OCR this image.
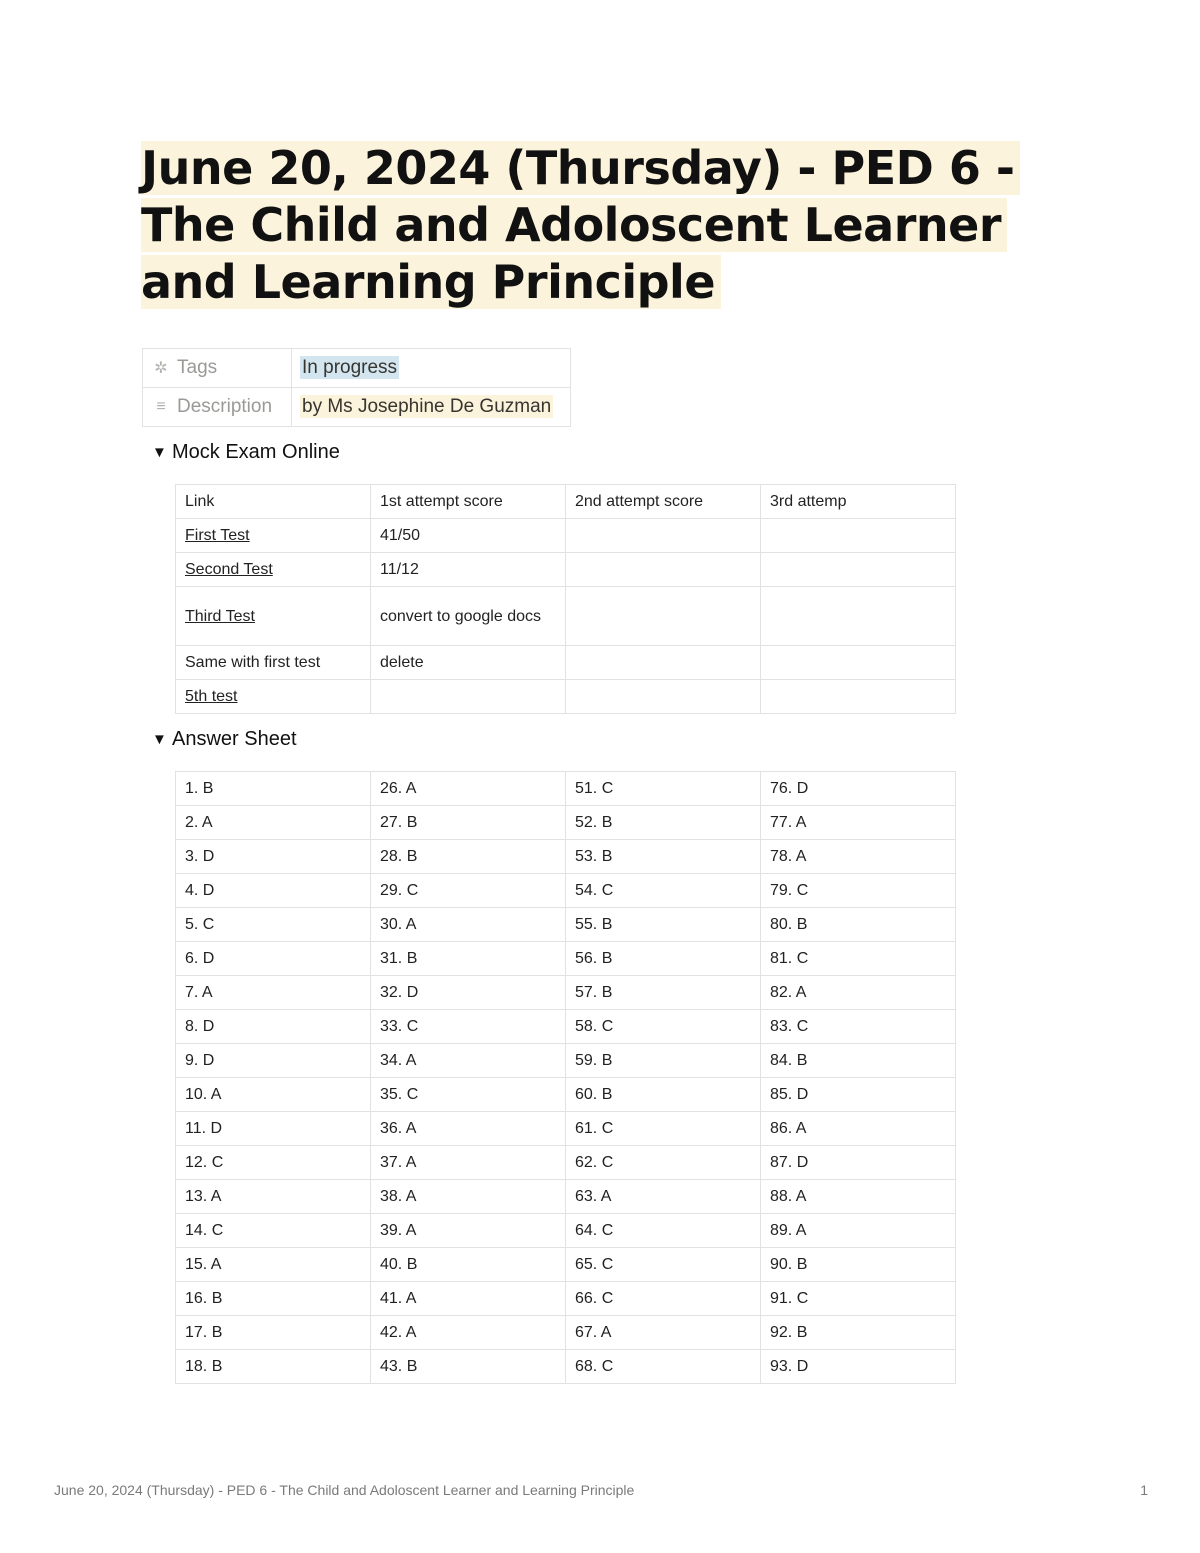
June 20, 2024 (Thursday) - PED 6 - The Child and Adoloscent Learner and Learning Principle
✲ Tags	In progress
≡ Description	by Ms Josephine De Guzman
▼ Mock Exam Online
Link	1st attempt score	2nd attempt score	3rd attemp
First Test	41/50		
Second Test	11/12		
Third Test	convert to google docs		
Same with first test	delete		
5th test			
▼ Answer Sheet
1. B	26. A	51. C	76. D
2. A	27. B	52. B	77. A
3. D	28. B	53. B	78. A
4. D	29. C	54. C	79. C
5. C	30. A	55. B	80. B
6. D	31. B	56. B	81. C
7. A	32. D	57. B	82. A
8. D	33. C	58. C	83. C
9. D	34. A	59. B	84. B
10. A	35. C	60. B	85. D
11. D	36. A	61. C	86. A
12. C	37. A	62. C	87. D
13. A	38. A	63. A	88. A
14. C	39. A	64. C	89. A
15. A	40. B	65. C	90. B
16. B	41. A	66. C	91. C
17. B	42. A	67. A	92. B
18. B	43. B	68. C	93. D
June 20, 2024 (Thursday) - PED 6 - The Child and Adoloscent Learner and Learning Principle	1
